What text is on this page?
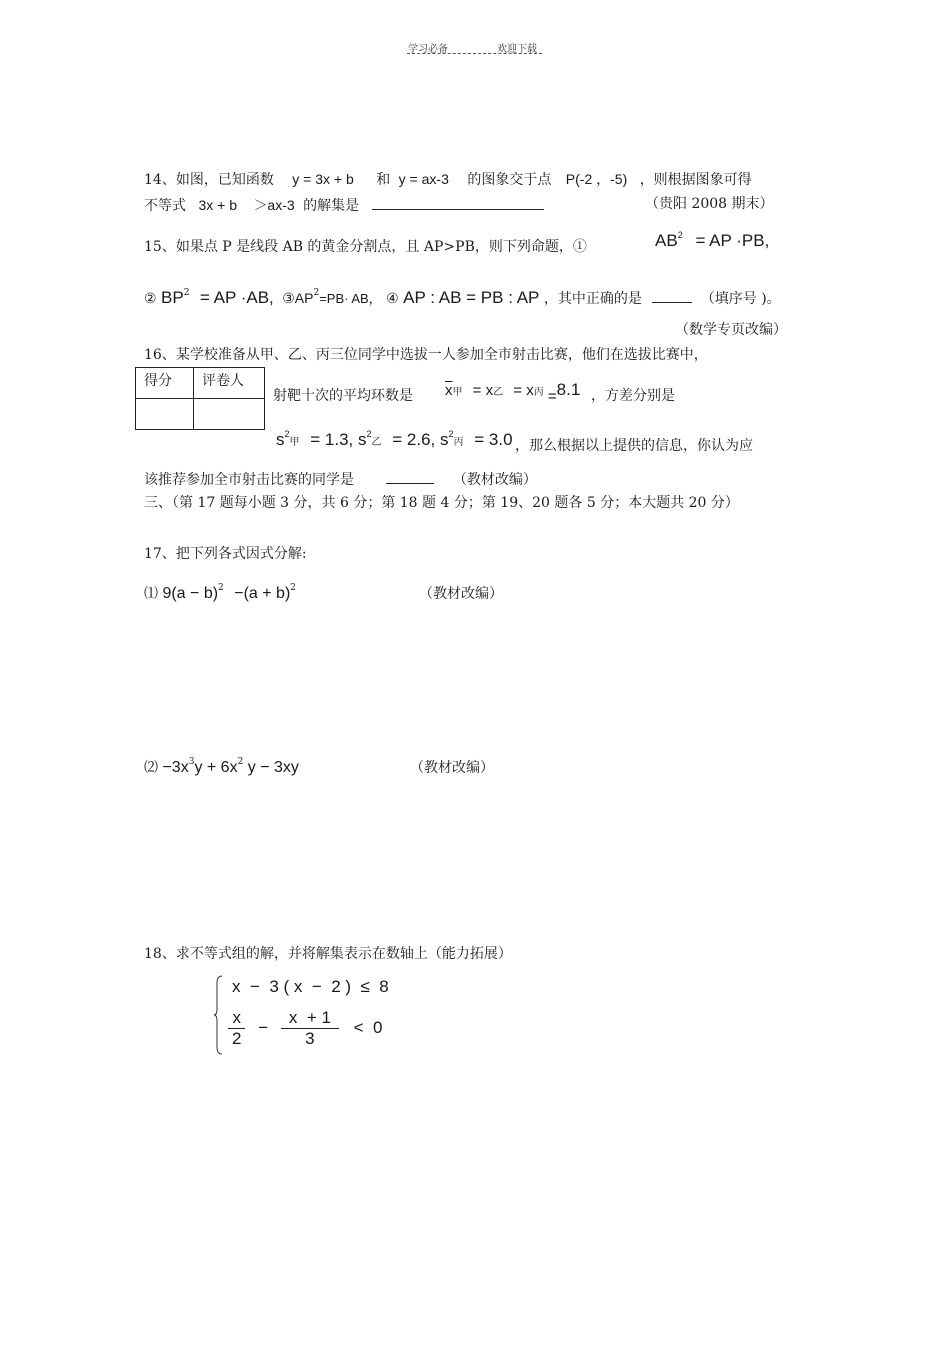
学习必备	欢迎下载
14、如图，已知函数 y = 3x + b 和 y = ax-3 的图象交于点 P(-2 ，-5) ，则根据图象可得
不等式 3x + b ＞ax-3 的解集是	（贵阳 2008 期末）
15、如果点 P 是线段 AB 的黄金分割点，且 AP>PB，则下列命题，①	$AB^2$ = AP ·PB,
② $BP^2$ = AP ·AB, $③AP^2=PB\cdot$ AB， ④ AP : AB = PB : AP ，其中正确的是	（填序号 )。
（数学专页改编）
16、某学校准备从甲、乙、丙三位同学中选拔一人参加全市射击比赛，他们在选拔比赛中，
得分	评卷人

射靶十次的平均环数是 $\overline{x}$甲 = x乙 = x丙 =8.1 ，方差分别是
$s^2$甲 = 1.3, $s^2$乙 = 2.6, $s^2$丙 = 3.0 ，那么根据以上提供的信息，你认为应
该推荐参加全市射击比赛的同学是	（教材改编）
三、（第 17 题每小题 3 分，共 6 分；第 18 题 4 分；第 19、20 题各 5 分；本大题共 20 分）
17、把下列各式因式分解:
⑴ $9(a - b)^2 -(a + b)^2$	（教材改编）
⑵ $-3x^3y + 6x^2$ y − 3xy	（教材改编）
18、求不等式组的解，并将解集表示在数轴上（能力拓展）
x  −  3 ( x  −  2 )  ≤  8
$\frac{x}{2} - \frac{x + 1}{3} < 0$
